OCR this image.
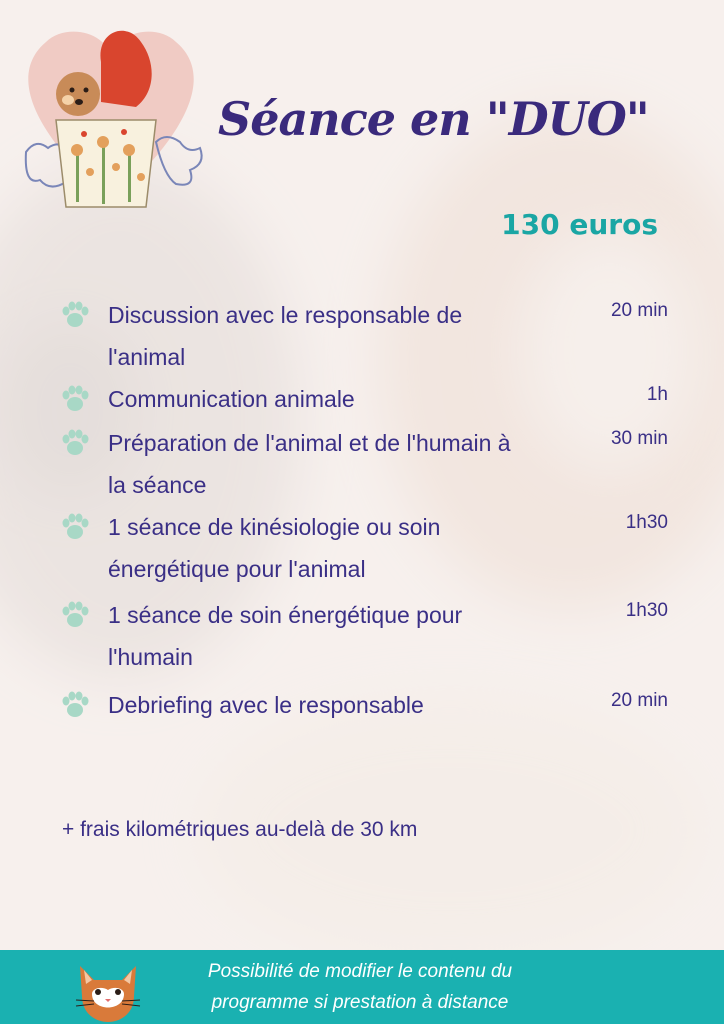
Séance en "DUO"
130 euros
Discussion avec le responsable de l'animal
20 min
Communication animale	1h
Préparation de l'animal et de l'humain à la séance
30 min
1 séance de kinésiologie ou soin énergétique pour l'animal
1h30
1 séance de soin énergétique pour l'humain
1h30
Debriefing avec le responsable	20 min
+ frais kilométriques au-delà de 30 km
Possibilité de modifier le contenu du programme si prestation à distance
